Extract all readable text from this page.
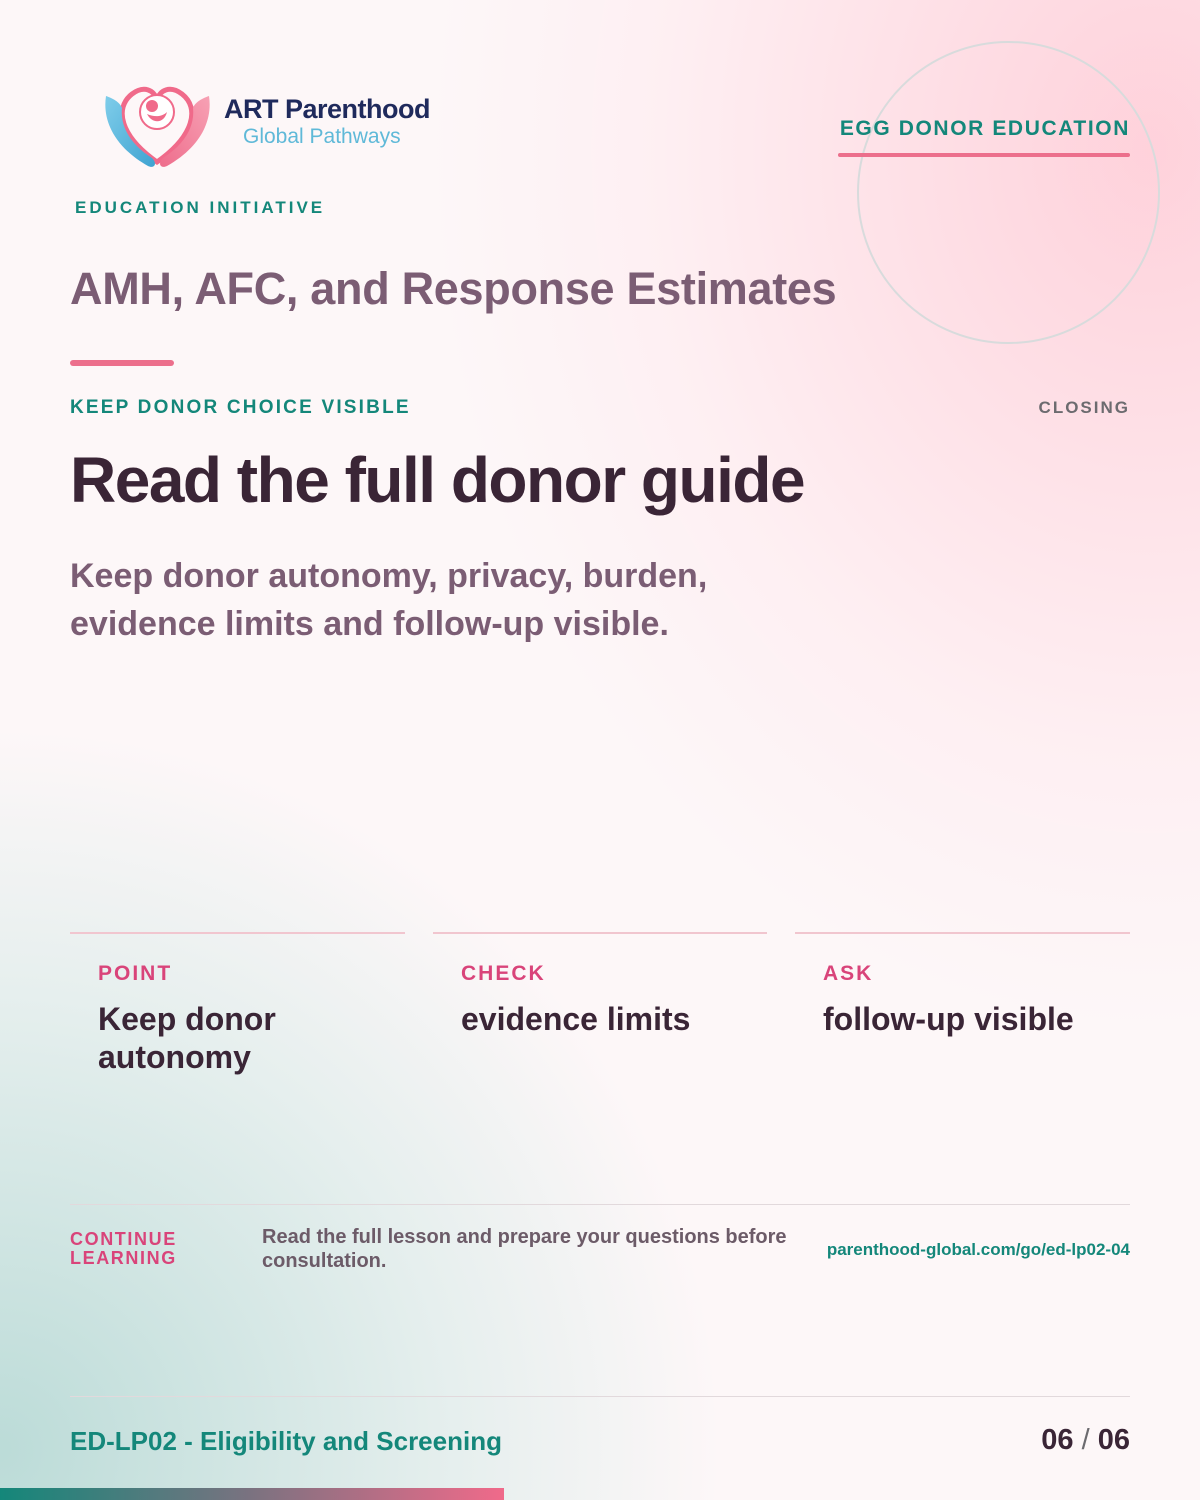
ART Parenthood
Global Pathways
EDUCATION INITIATIVE
EGG DONOR EDUCATION
AMH, AFC, and Response Estimates
KEEP DONOR CHOICE VISIBLE	CLOSING
Read the full donor guide

Keep donor autonomy, privacy, burden, evidence limits and follow-up visible.

POINT
Keep donor autonomy
CHECK
evidence limits
ASK
follow-up visible
CONTINUE LEARNING
Read the full lesson and prepare your questions before consultation.
parenthood-global.com/go/ed-lp02-04
ED-LP02 - Eligibility and Screening	06 / 06
